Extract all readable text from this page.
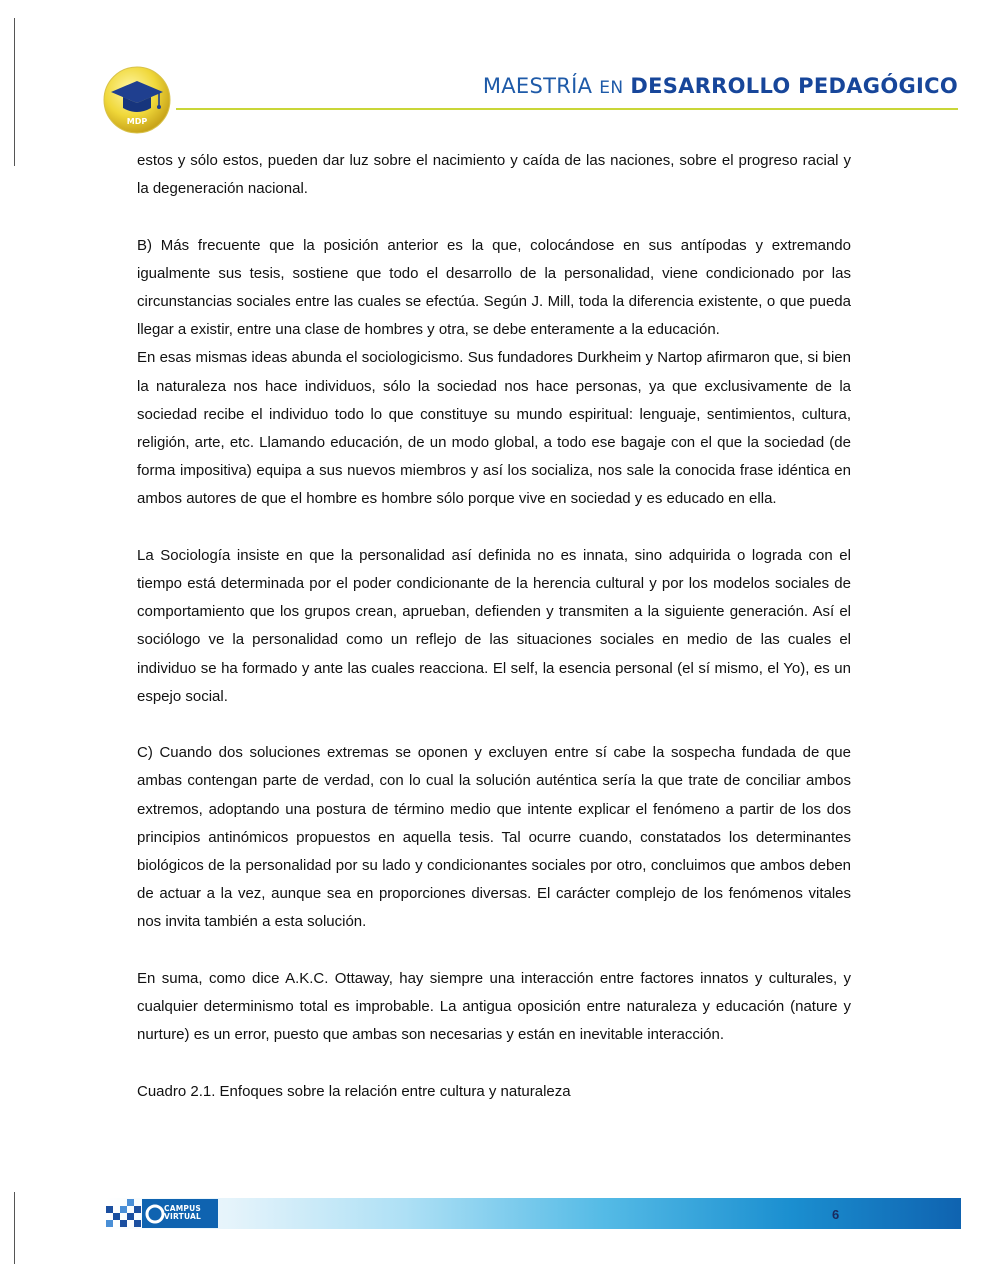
MDP
MAESTRÍA EN DESARROLLO PEDAGÓGICO

estos y sólo estos, pueden dar luz sobre el nacimiento y caída de las naciones, sobre el progreso racial y la degeneración nacional.

B) Más frecuente que la posición anterior es la que, colocándose en sus antípodas y extremando igualmente sus tesis, sostiene que todo el desarrollo de la personalidad, viene condicionado por las circunstancias sociales entre las cuales se efectúa. Según J. Mill, toda la diferencia existente, o que pueda llegar a existir, entre una clase de hombres y otra, se debe enteramente a la educación.

En esas mismas ideas abunda el sociologicismo. Sus fundadores Durkheim y Nartop afirmaron que, si bien la naturaleza nos hace individuos, sólo la sociedad nos hace personas, ya que exclusivamente de la sociedad recibe el individuo todo lo que constituye su mundo espiritual: lenguaje, sentimientos, cultura, religión, arte, etc. Llamando educación, de un modo global, a todo ese bagaje con el que la sociedad (de forma impositiva) equipa a sus nuevos miembros y así los socializa, nos sale la conocida frase idéntica en ambos autores de que el hombre es hombre sólo porque vive en sociedad y es educado en ella.

La Sociología insiste en que la personalidad así definida no es innata, sino adquirida o lograda con el tiempo está determinada por el poder condicionante de la herencia cultural y por los modelos sociales de comportamiento que los grupos crean, aprueban, defienden y transmiten a la siguiente generación. Así el sociólogo ve la personalidad como un reflejo de las situaciones sociales en medio de las cuales el individuo se ha formado y ante las cuales reacciona. El self, la esencia personal (el sí mismo, el Yo), es un espejo social.

C) Cuando dos soluciones extremas se oponen y excluyen entre sí cabe la sospecha fundada de que ambas contengan parte de verdad, con lo cual la solución auténtica sería la que trate de conciliar ambos extremos, adoptando una postura de término medio que intente explicar el fenómeno a partir de los dos principios antinómicos propuestos en aquella tesis. Tal ocurre cuando, constatados los determinantes biológicos de la personalidad por su lado y condicionantes sociales por otro, concluimos que ambos deben de actuar a la vez, aunque sea en proporciones diversas. El carácter complejo de los fenómenos vitales nos invita también a esta solución.

En suma, como dice A.K.C. Ottaway, hay siempre una interacción entre factores innatos y culturales, y cualquier determinismo total es improbable. La antigua oposición entre naturaleza y educación (nature y nurture) es un error, puesto que ambas son necesarias y están en inevitable interacción.

Cuadro 2.1. Enfoques sobre la relación entre cultura y naturaleza

CAMPUS
VIRTUAL	6
